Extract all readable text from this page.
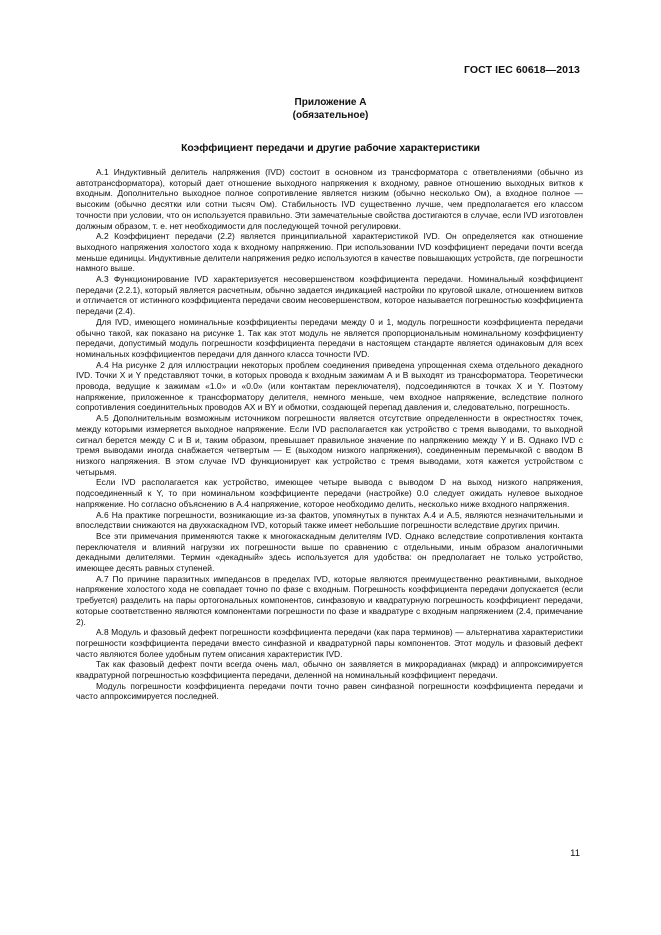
ГОСТ IEC 60618—2013
Приложение А
(обязательное)
Коэффициент передачи и другие рабочие характеристики

А.1 Индуктивный делитель напряжения (IVD) состоит в основном из трансформатора с ответвлениями (обычно из автотрансформатора), который дает отношение выходного напряжения к входному, равное отношению выходных витков к входным. Дополнительно выходное полное сопротивление является низким (обычно несколько Ом), а входное полное — высоким (обычно десятки или сотни тысяч Ом). Стабильность IVD существенно лучше, чем предполагается его классом точности при условии, что он используется правильно. Эти замечательные свойства достигаются в случае, если IVD изготовлен должным образом, т. е. нет необходимости для последующей точной регулировки.

А.2 Коэффициент передачи (2.2) является принципиальной характеристикой IVD. Он определяется как отношение выходного напряжения холостого хода к входному напряжению. При использовании IVD коэффициент передачи почти всегда меньше единицы. Индуктивные делители напряжения редко используются в качестве повышающих устройств, где погрешности намного выше.

А.3 Функционирование IVD характеризуется несовершенством коэффициента передачи. Номинальный коэффициент передачи (2.2.1), который является расчетным, обычно задается индикацией настройки по круговой шкале, отношением витков и отличается от истинного коэффициента передачи своим несовершенством, которое называется погрешностью коэффициента передачи (2.4).

Для IVD, имеющего номинальные коэффициенты передачи между 0 и 1, модуль погрешности коэффициента передачи обычно такой, как показано на рисунке 1. Так как этот модуль не является пропорциональным номинальному коэффициенту передачи, допустимый модуль погрешности коэффициента передачи в настоящем стандарте является одинаковым для всех номинальных коэффициентов передачи для данного класса точности IVD.

А.4 На рисунке 2 для иллюстрации некоторых проблем соединения приведена упрощенная схема отдельного декадного IVD. Точки X и Y представляют точки, в которых провода к входным зажимам А и В выходят из трансформатора. Теоретически провода, ведущие к зажимам «1.0» и «0.0» (или контактам переключателя), подсоединяются в точках X и Y. Поэтому напряжение, приложенное к трансформатору делителя, немного меньше, чем входное напряжение, вследствие полного сопротивления соединительных проводов АХ и BY и обмотки, создающей перепад давления и, следовательно, погрешность.

А.5 Дополнительным возможным источником погрешности является отсутствие определенности в окрестностях точек, между которыми измеряется выходное напряжение. Если IVD располагается как устройство с тремя выводами, то выходной сигнал берется между С и В и, таким образом, превышает правильное значение по напряжению между Y и В. Однако IVD с тремя выводами иногда снабжается четвертым — Е (выходом низкого напряжения), соединенным перемычкой с вводом В низкого напряжения. В этом случае IVD функционирует как устройство с тремя выводами, хотя кажется устройством с четырьмя.

Если IVD располагается как устройство, имеющее четыре вывода с выводом D на выход низкого напряжения, подсоединенный к Y, то при номинальном коэффициенте передачи (настройке) 0.0 следует ожидать нулевое выходное напряжение. Но согласно объяснению в А.4 напряжение, которое необходимо делить, несколько ниже входного напряжения.

А.6 На практике погрешности, возникающие из-за фактов, упомянутых в пунктах А.4 и А.5, являются незначительными и впоследствии снижаются на двухкаскадном IVD, который также имеет небольшие погрешности вследствие других причин.

Все эти примечания применяются также к многокаскадным делителям IVD. Однако вследствие сопротивления контакта переключателя и влияний нагрузки их погрешности выше по сравнению с отдельными, иным образом аналогичными декадными делителями. Термин «декадный» здесь используется для удобства: он предполагает не только устройство, имеющее десять равных ступеней.

А.7 По причине паразитных импедансов в пределах IVD, которые являются преимущественно реактивными, выходное напряжение холостого хода не совпадает точно по фазе с входным. Погрешность коэффициента передачи допускается (если требуется) разделить на пары ортогональных компонентов, синфазовую и квадратурную погрешность коэффициент передачи, которые соответственно являются компонентами погрешности по фазе и квадратуре с входным напряжением (2.4, примечание 2).

А.8 Модуль и фазовый дефект погрешности коэффициента передачи (как пара терминов) — альтернатива характеристики погрешности коэффициента передачи вместо синфазной и квадратурной пары компонентов. Этот модуль и фазовый дефект часто являются более удобным путем описания характеристик IVD.

Так как фазовый дефект почти всегда очень мал, обычно он заявляется в микрорадианах (мкрад) и аппроксимируется квадратурной погрешностью коэффициента передачи, деленной на номинальный коэффициент передачи.

Модуль погрешности коэффициента передачи почти точно равен синфазной погрешности коэффициента передачи и часто аппроксимируется последней.

11
